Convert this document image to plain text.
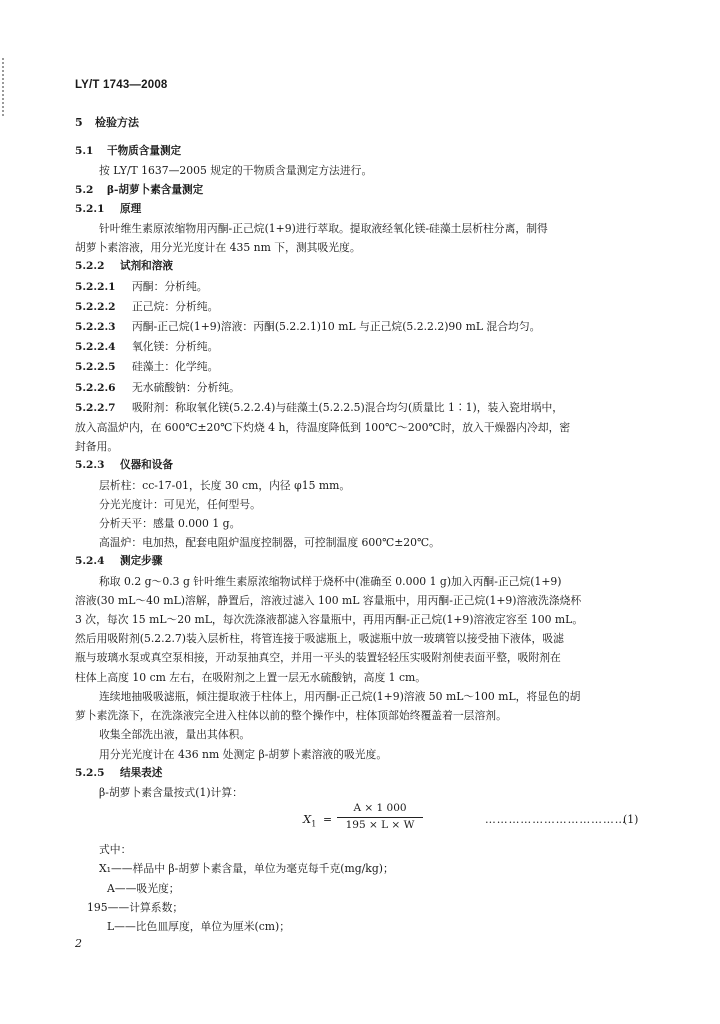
LY/T 1743—2008
5 检验方法
5.1 干物质含量测定
按 LY/T 1637—2005 规定的干物质含量测定方法进行。
5.2 β-胡萝卜素含量测定
5.2.1 原理
针叶维生素原浓缩物用丙酮-正己烷(1+9)进行萃取。提取液经氧化镁-硅藻土层析柱分离，制得
胡萝卜素溶液，用分光光度计在 435 nm 下，测其吸光度。
5.2.2 试剂和溶液
5.2.2.1 丙酮：分析纯。
5.2.2.2 正己烷：分析纯。
5.2.2.3 丙酮-正己烷(1+9)溶液：丙酮(5.2.2.1)10 mL 与正己烷(5.2.2.2)90 mL 混合均匀。
5.2.2.4 氧化镁：分析纯。
5.2.2.5 硅藻土：化学纯。
5.2.2.6 无水硫酸钠：分析纯。
5.2.2.7 吸附剂：称取氧化镁(5.2.2.4)与硅藻土(5.2.2.5)混合均匀(质量比 1∶1)，装入瓷坩埚中，
放入高温炉内，在 600℃±20℃下灼烧 4 h，待温度降低到 100℃～200℃时，放入干燥器内冷却，密
封备用。
5.2.3 仪器和设备
层析柱：cc-17-01，长度 30 cm，内径 φ15 mm。
分光光度计：可见光，任何型号。
分析天平：感量 0.000 1 g。
高温炉：电加热，配套电阻炉温度控制器，可控制温度 600℃±20℃。
5.2.4 测定步骤
称取 0.2 g～0.3 g 针叶维生素原浓缩物试样于烧杯中(准确至 0.000 1 g)加入丙酮-正己烷(1+9)
溶液(30 mL～40 mL)溶解，静置后，溶液过滤入 100 mL 容量瓶中，用丙酮-正己烷(1+9)溶液洗涤烧杯
3 次，每次 15 mL～20 mL，每次洗涤液都滤入容量瓶中，再用丙酮-正己烷(1+9)溶液定容至 100 mL。
然后用吸附剂(5.2.2.7)装入层析柱，将管连接于吸滤瓶上，吸滤瓶中放一玻璃管以接受抽下液体，吸滤
瓶与玻璃水泵或真空泵相接，开动泵抽真空，并用一平头的装置轻轻压实吸附剂使表面平整，吸附剂在
柱体上高度 10 cm 左右，在吸附剂之上置一层无水硫酸钠，高度 1 cm。
连续地抽吸吸滤瓶，倾注提取液于柱体上，用丙酮-正己烷(1+9)溶液 50 mL～100 mL，将显色的胡
萝卜素洗涤下，在洗涤液完全进入柱体以前的整个操作中，柱体顶部始终覆盖着一层溶剂。
收集全部洗出液，量出其体积。
用分光光度计在 436 nm 处测定 β-胡萝卜素溶液的吸光度。
5.2.5 结果表述
β-胡萝卜素含量按式(1)计算：
$X_1 = \frac{A \times 1 000}{195 \times L \times W}$	………………………………
(1)
式中：
X₁——样品中 β-胡萝卜素含量，单位为毫克每千克(mg/kg)；
A——吸光度；
195——计算系数；
L——比色皿厚度，单位为厘米(cm)；
2
